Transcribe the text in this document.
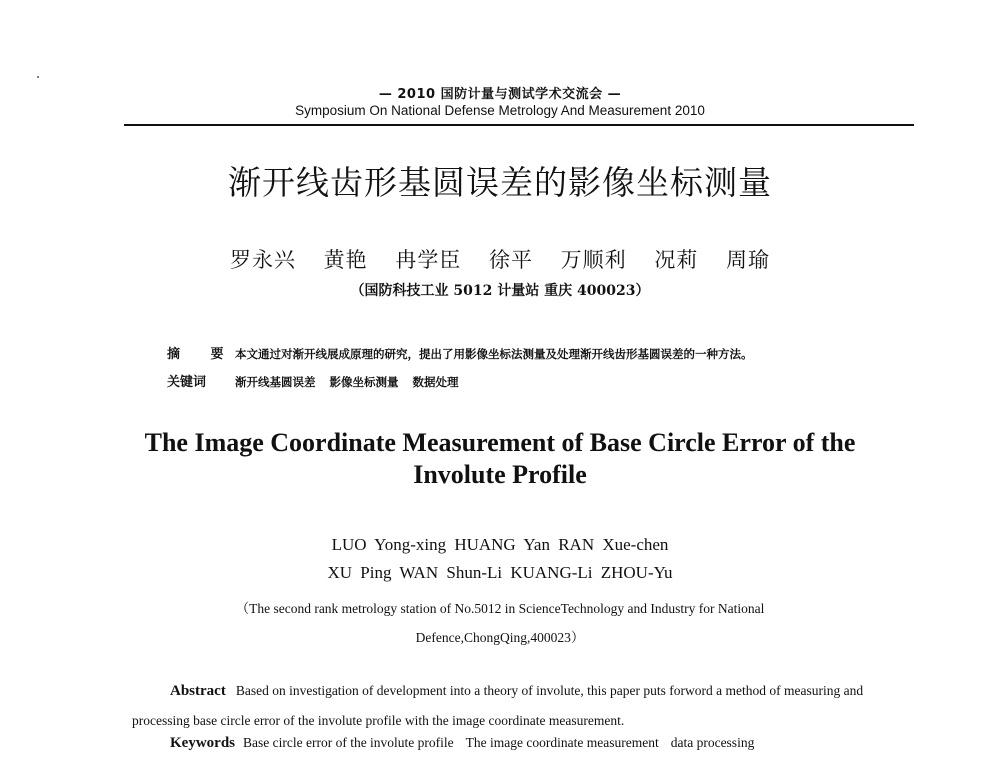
— 2010 国防计量与测试学术交流会 —
Symposium On National Defense Metrology And Measurement 2010
渐开线齿形基圆误差的影像坐标测量
罗永兴 黄艳 冉学臣 徐平 万顺利 况莉 周瑜
（国防科技工业 5012 计量站 重庆 400023）
摘 要本文通过对渐开线展成原理的研究，提出了用影像坐标法测量及处理渐开线齿形基圆误差的一种方法。
关键词	渐开线基圆误差 影像坐标测量 数据处理
The Image Coordinate Measurement of Base Circle Error of the
Involute Profile
LUO Yong-xing HUANG Yan RAN Xue-chen
XU Ping WAN Shun-Li KUANG-Li ZHOU-Yu
（The second rank metrology station of No.5012 in ScienceTechnology and Industry for National
Defence,ChongQing,400023）
Abstract Based on investigation of development into a theory of involute, this paper puts forword a method of measuring and processing base circle error of the involute profile with the image coordinate measurement.
Keywords Base circle error of the involute profile The image coordinate measurement data processing
